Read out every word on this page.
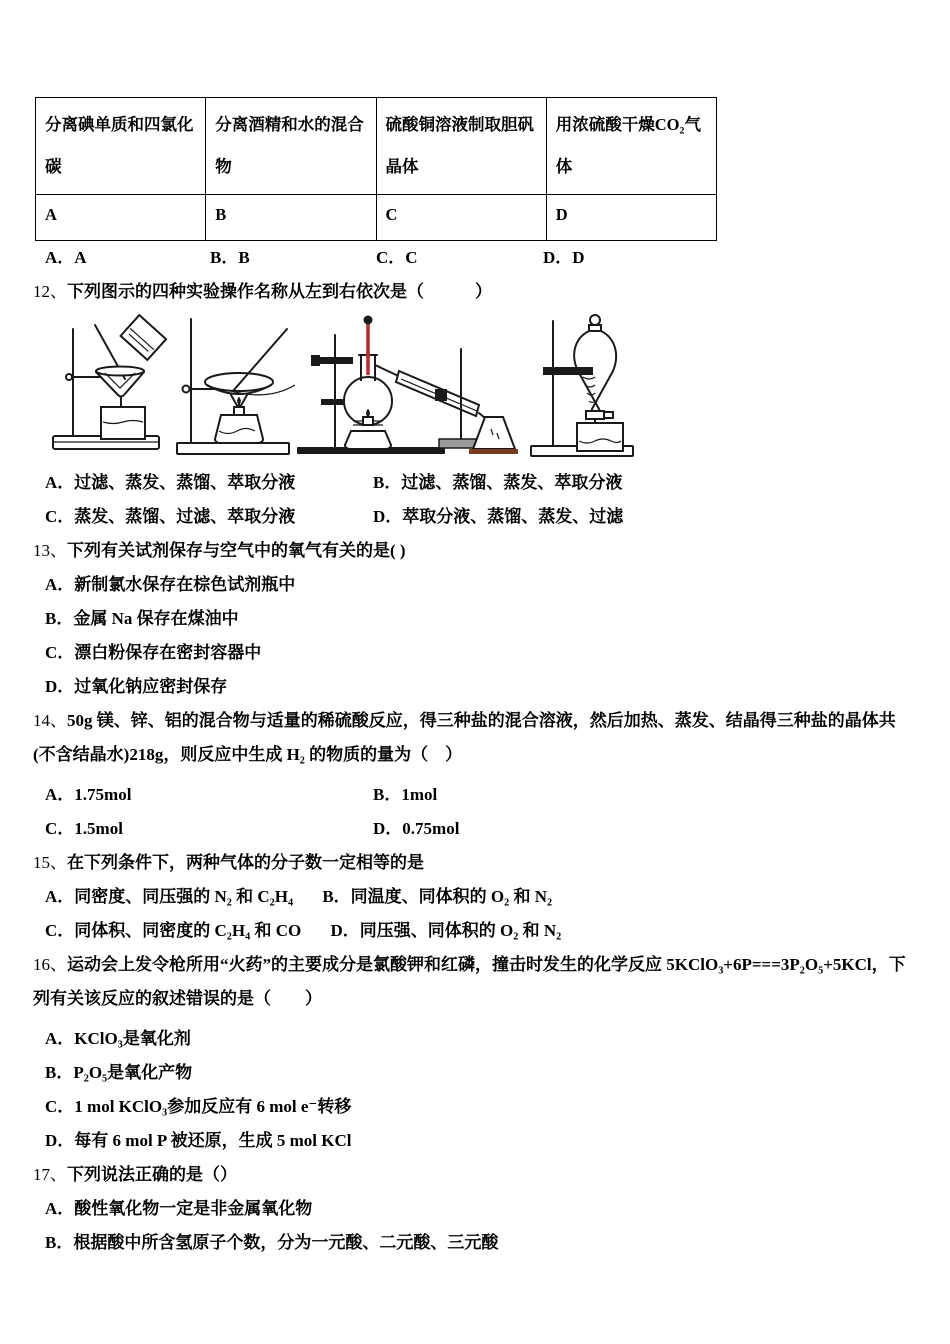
分离碘单质和四氯化碳	分离酒精和水的混合物	硫酸铜溶液制取胆矾晶体	用浓硫酸干燥CO₂气体
A	B	C	D
A．A	B．B	C．C	D．D
12、下列图示的四种实验操作名称从左到右依次是（　　　）
A．过滤、蒸发、蒸馏、萃取分液	B．过滤、蒸馏、蒸发、萃取分液
C．蒸发、蒸馏、过滤、萃取分液	D．萃取分液、蒸馏、蒸发、过滤
13、下列有关试剂保存与空气中的氧气有关的是( )
A．新制氯水保存在棕色试剂瓶中
B．金属 Na 保存在煤油中
C．漂白粉保存在密封容器中
D．过氧化钠应密封保存
14、50g 镁、锌、铝的混合物与适量的稀硫酸反应，得三种盐的混合溶液，然后加热、蒸发、结晶得三种盐的晶体共(不含结晶水)218g，则反应中生成 H₂ 的物质的量为（　）
A．1.75mol	B．1mol
C．1.5mol	D．0.75mol
15、在下列条件下，两种气体的分子数一定相等的是
A．同密度、同压强的 N₂ 和 C₂H₄ B．同温度、同体积的 O₂ 和 N₂
C．同体积、同密度的 C₂H₄ 和 CO D．同压强、同体积的 O₂ 和 N₂
16、运动会上发令枪所用“火药”的主要成分是氯酸钾和红磷，撞击时发生的化学反应 5KClO₃+6P===3P₂O₅+5KCl，下列有关该反应的叙述错误的是（　　）
A．KClO₃是氧化剂
B．P₂O₅是氧化产物
C．1 mol KClO₃参加反应有 6 mol e⁻转移
D．每有 6 mol P 被还原，生成 5 mol KCl
17、下列说法正确的是（）
A．酸性氧化物一定是非金属氧化物
B．根据酸中所含氢原子个数，分为一元酸、二元酸、三元酸
